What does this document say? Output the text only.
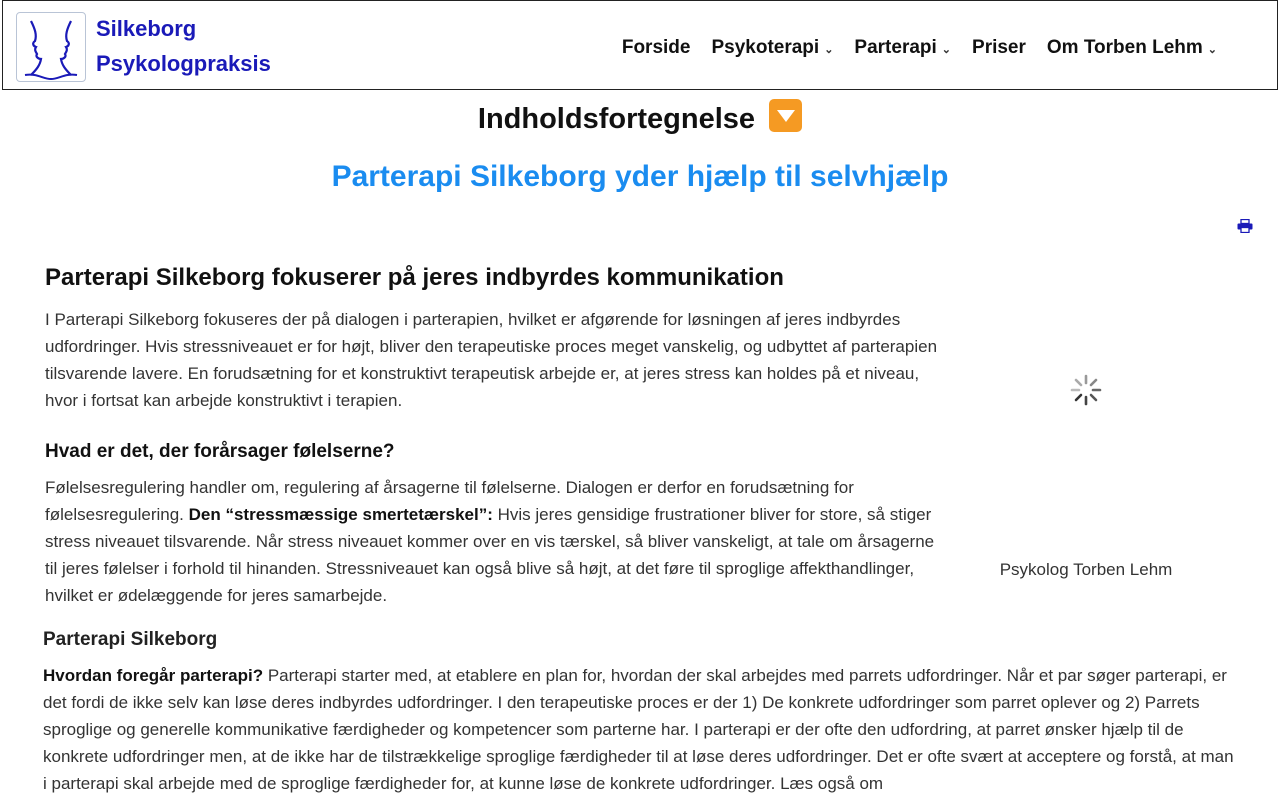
Silkeborg
Psykologpraksis
Forside Psykoterapi ⌄ Parterapi ⌄ Priser Om Torben Lehm ⌄
Indholdsfortegnelse
Parterapi Silkeborg yder hjælp til selvhjælp
Parterapi Silkeborg fokuserer på jeres indbyrdes kommunikation

I Parterapi Silkeborg fokuseres der på dialogen i parterapien, hvilket er afgørende for løsningen af jeres indbyrdes udfordringer. Hvis stressniveauet er for højt, bliver den terapeutiske proces meget vanskelig, og udbyttet af parterapien tilsvarende lavere. En forudsætning for et konstruktivt terapeutisk arbejde er, at jeres stress kan holdes på et niveau, hvor i fortsat kan arbejde konstruktivt i terapien.

Hvad er det, der forårsager følelserne?

Følelsesregulering handler om, regulering af årsagerne til følelserne. Dialogen er derfor en forudsætning for følelsesregulering. Den “stressmæssige smertetærskel”: Hvis jeres gensidige frustrationer bliver for store, så stiger stress niveauet tilsvarende. Når stress niveauet kommer over en vis tærskel, så bliver vanskeligt, at tale om årsagerne til jeres følelser i forhold til hinanden. Stressniveauet kan også blive så højt, at det føre til sproglige affekthandlinger, hvilket er ødelæggende for jeres samarbejde.

Psykolog Torben Lehm
Parterapi Silkeborg

Hvordan foregår parterapi? Parterapi starter med, at etablere en plan for, hvordan der skal arbejdes med parrets udfordringer. Når et par søger parterapi, er det fordi de ikke selv kan løse deres indbyrdes udfordringer. I den terapeutiske proces er der 1) De konkrete udfordringer som parret oplever og 2) Parrets sproglige og generelle kommunikative færdigheder og kompetencer som parterne har. I parterapi er der ofte den udfordring, at parret ønsker hjælp til de konkrete udfordringer men, at de ikke har de tilstrækkelige sproglige færdigheder til at løse deres udfordringer. Det er ofte svært at acceptere og forstå, at man i parterapi skal arbejde med de sproglige færdigheder for, at kunne løse de konkrete udfordringer. Læs også om
